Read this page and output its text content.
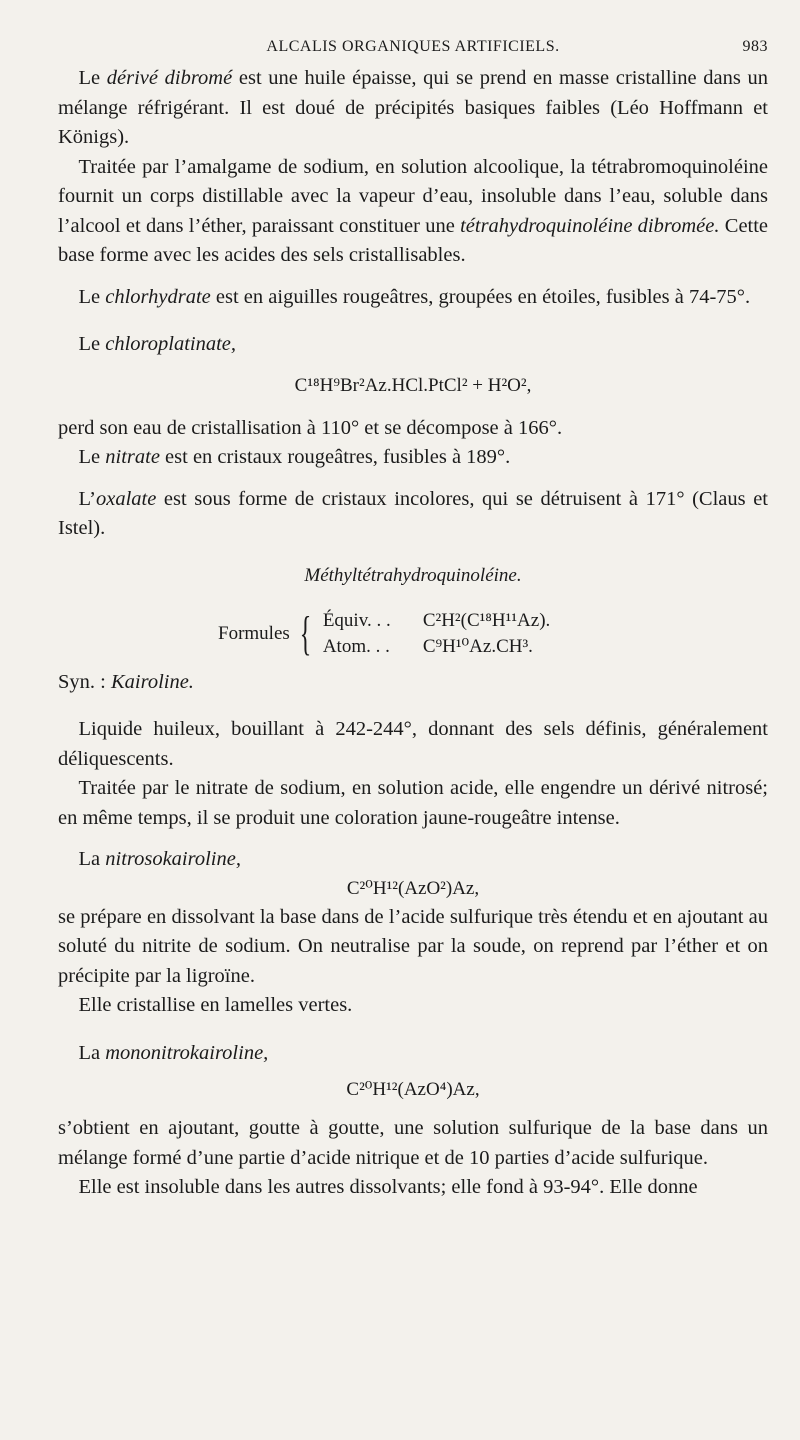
ALCALIS ORGANIQUES ARTIFICIELS.	983

 Le dérivé dibromé est une huile épaisse, qui se prend en masse cristalline dans un mélange réfrigérant. Il est doué de précipités basiques faibles (Léo Hoffmann et Königs).

 Traitée par l’amalgame de sodium, en solution alcoolique, la tétrabromoquinoléine fournit un corps distillable avec la vapeur d’eau, insoluble dans l’eau, soluble dans l’alcool et dans l’éther, paraissant constituer une tétrahydroquinoléine dibromée. Cette base forme avec les acides des sels cristallisables.

 Le chlorhydrate est en aiguilles rougeâtres, groupées en étoiles, fusibles à 74-75°.

 Le chloroplatinate,

C¹⁸H⁹Br²Az.HCl.PtCl² + H²O²,

perd son eau de cristallisation à 110° et se décompose à 166°.

 Le nitrate est en cristaux rougeâtres, fusibles à 189°.

 L’oxalate est sous forme de cristaux incolores, qui se détruisent à 171° (Claus et Istel).

Méthyltétrahydroquinoléine.
Formules { Équiv. . . C²H²(C¹⁸H¹¹Az).
Atom. . . C⁹H¹⁰Az.CH³.

Syn. : Kairoline.

 Liquide huileux, bouillant à 242-244°, donnant des sels définis, généralement déliquescents.

 Traitée par le nitrate de sodium, en solution acide, elle engendre un dérivé nitrosé; en même temps, il se produit une coloration jaune-rougeâtre intense.

 La nitrosokairoline,

C²⁰H¹²(AzO²)Az,

se prépare en dissolvant la base dans de l’acide sulfurique très étendu et en ajoutant au soluté du nitrite de sodium. On neutralise par la soude, on reprend par l’éther et on précipite par la ligroïne.

 Elle cristallise en lamelles vertes.

 La mononitrokairoline,

C²⁰H¹²(AzO⁴)Az,

s’obtient en ajoutant, goutte à goutte, une solution sulfurique de la base dans un mélange formé d’une partie d’acide nitrique et de 10 parties d’acide sulfurique.

 Elle est insoluble dans les autres dissolvants; elle fond à 93-94°. Elle donne
